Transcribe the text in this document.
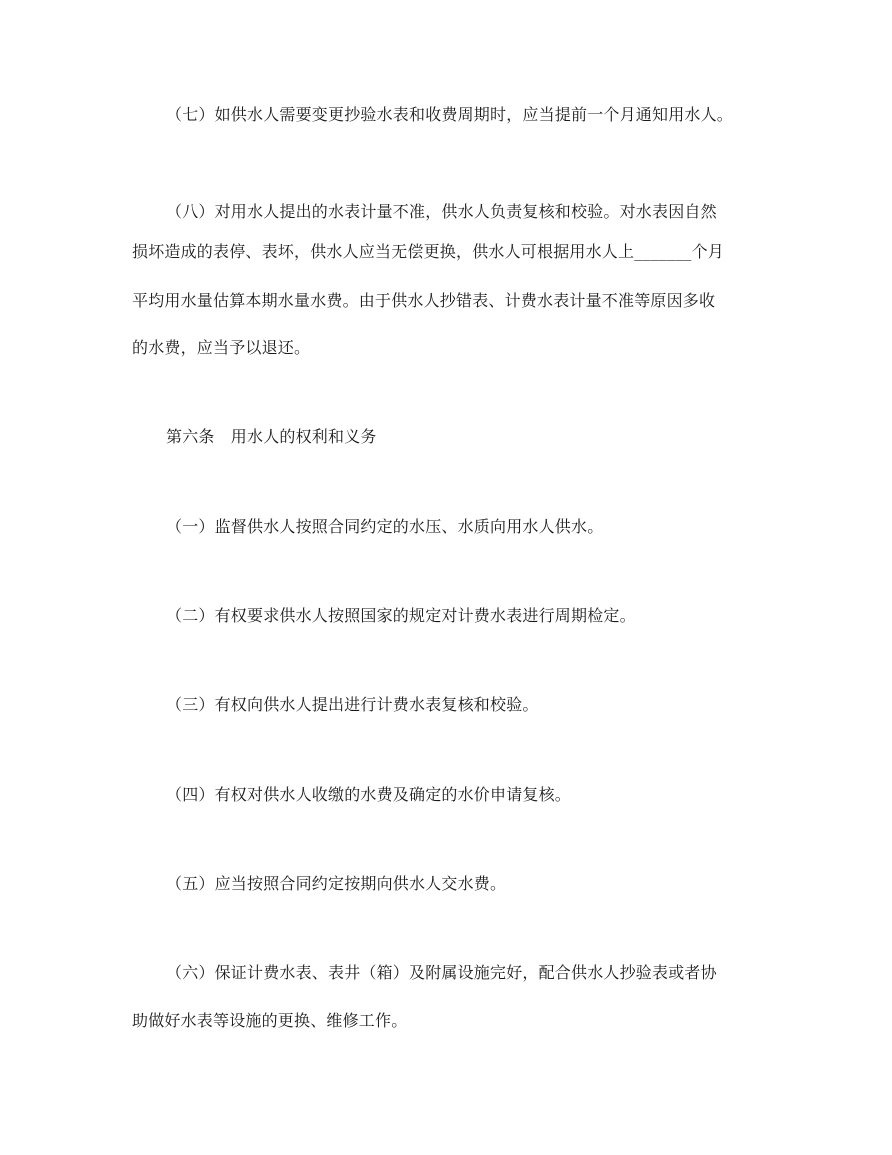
（七）如供水人需要变更抄验水表和收费周期时，应当提前一个月通知用水人。
（八）对用水人提出的水表计量不准，供水人负责复核和校验。对水表因自然
损坏造成的表停、表坏，供水人应当无偿更换，供水人可根据用水人上_______个月
平均用水量估算本期水量水费。由于供水人抄错表、计费水表计量不准等原因多收
的水费，应当予以退还。
第六条　用水人的权利和义务
（一）监督供水人按照合同约定的水压、水质向用水人供水。
（二）有权要求供水人按照国家的规定对计费水表进行周期检定。
（三）有权向供水人提出进行计费水表复核和校验。
（四）有权对供水人收缴的水费及确定的水价申请复核。
（五）应当按照合同约定按期向供水人交水费。
（六）保证计费水表、表井（箱）及附属设施完好，配合供水人抄验表或者协
助做好水表等设施的更换、维修工作。
